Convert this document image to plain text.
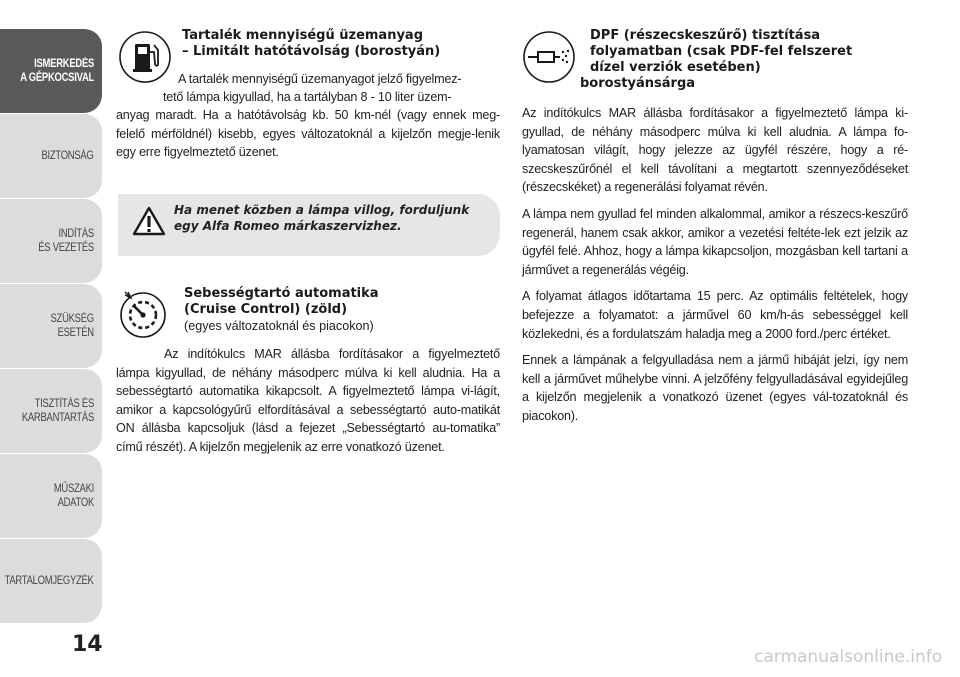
ISMERKEDÉS
A GÉPKOCSIVAL
BIZTONSÁG
INDÍTÁS
ÉS VEZETÉS
SZÜKSÉG
ESETÉN
TISZTÍTÁS ÉS
KARBANTARTÁS
MŰSZAKI
ADATOK
TARTALOMJEGYZÉK
14
Tartalék mennyiségű üzemanyag
– Limitált hatótávolság (borostyán)

A tartalék mennyiségű üzemanyagot jelző figyelmez-

tető lámpa kigyullad, ha a tartályban 8 - 10 liter üzem-

anyag maradt. Ha a hatótávolság kb. 50 km-nél (vagy ennek meg-felelő mérföldnél) kisebb, egyes változatoknál a kijelzőn megje-lenik egy erre figyelmeztető üzenet.

Ha menet közben a lámpa villog, forduljunk egy Alfa Romeo márkaszervizhez.
Sebességtartó automatika
(Cruise Control) (zöld)
(egyes változatoknál és piacokon)

Az indítókulcs MAR állásba fordításakor a figyelmeztető lámpa kigyullad, de néhány másodperc múlva ki kell aludnia. Ha a sebességtartó automatika kikapcsolt. A figyelmeztető lámpa vi-lágít, amikor a kapcsológyűrű elfordításával a sebességtartó auto-matikát ON állásba kapcsoljuk (lásd a fejezet „Sebességtartó au-tomatika” című részét). A kijelzőn megjelenik az erre vonatkozó üzenet.

DPF (részecskeszűrő) tisztítása
folyamatban (csak PDF-fel felszeret
dízel verziók esetében)
borostyánsárga

Az indítókulcs MAR állásba fordításakor a figyelmeztető lámpa ki-gyullad, de néhány másodperc múlva ki kell aludnia. A lámpa fo-lyamatosan világít, hogy jelezze az ügyfél részére, hogy a ré-szecskeszűrőnél el kell távolítani a megtartott szennyeződéseket (részecskéket) a regenerálási folyamat révén.

A lámpa nem gyullad fel minden alkalommal, amikor a részecs-keszűrő regenerál, hanem csak akkor, amikor a vezetési feltéte-lek ezt jelzik az ügyfél felé. Ahhoz, hogy a lámpa kikapcsoljon, mozgásban kell tartani a járművet a regenerálás végéig.

A folyamat átlagos időtartama 15 perc. Az optimális feltételek, hogy befejezze a folyamatot: a járművel 60 km/h-ás sebességgel kell közlekedni, és a fordulatszám haladja meg a 2000 ford./perc értéket.

Ennek a lámpának a felgyulladása nem a jármű hibáját jelzi, így nem kell a járművet műhelybe vinni. A jelzőfény felgyulladásával egyidejűleg a kijelzőn megjelenik a vonatkozó üzenet (egyes vál-tozatoknál és piacokon).

carmanualsonline.info
